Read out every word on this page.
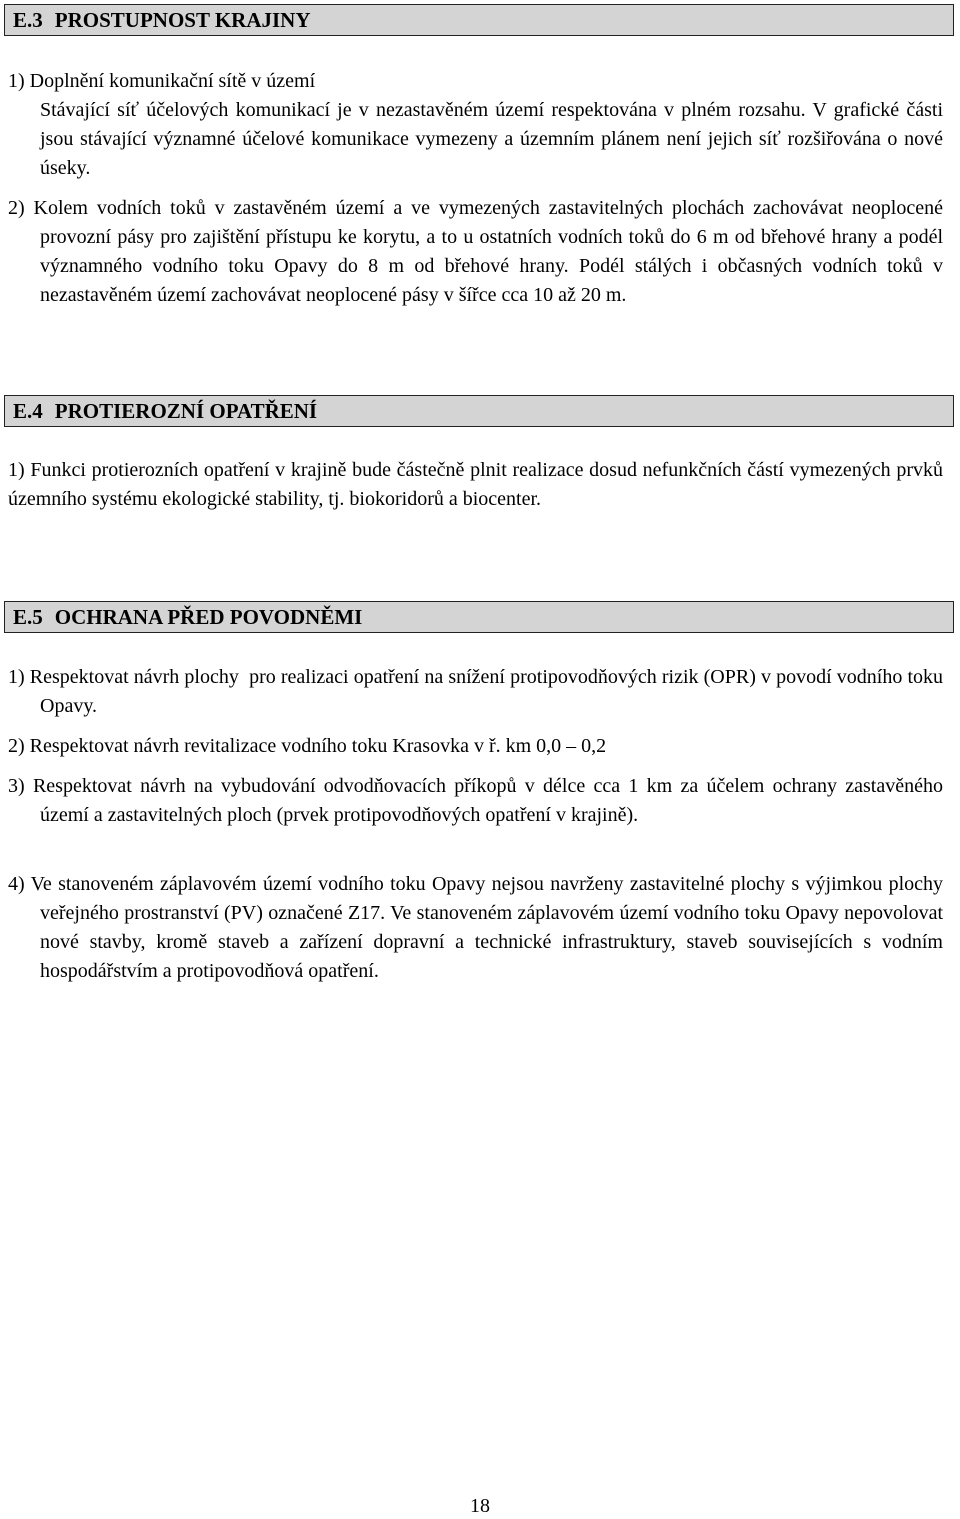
E.3 PROSTUPNOST KRAJINY
1) Doplnění komunikační sítě v území
Stávající síť účelových komunikací je v nezastavěném území respektována v plném rozsahu. V grafické části jsou stávající významné účelové komunikace vymezeny a územním plánem není jejich síť rozšiřována o nové úseky.
2) Kolem vodních toků v zastavěném území a ve vymezených zastavitelných plochách zachovávat neoplocené provozní pásy pro zajištění přístupu ke korytu, a to u ostatních vodních toků do 6 m od břehové hrany a podél významného vodního toku Opavy do 8 m od břehové hrany. Podél stálých i občasných vodních toků v nezastavěném území zachovávat neoplocené pásy v šířce cca 10 až 20 m.
E.4 PROTIEROZNÍ OPATŘENÍ
1) Funkci protierozních opatření v krajině bude částečně plnit realizace dosud nefunkčních částí vymezených prvků územního systému ekologické stability, tj. biokoridorů a biocenter.
E.5 OCHRANA PŘED POVODNĚMI
1) Respektovat návrh plochy  pro realizaci opatření na snížení protipovodňových rizik (OPR) v povodí vodního toku Opavy.
2) Respektovat návrh revitalizace vodního toku Krasovka v ř. km 0,0 – 0,2
3) Respektovat návrh na vybudování odvodňovacích příkopů v délce cca 1 km za účelem ochrany zastavěného území a zastavitelných ploch (prvek protipovodňových opatření v krajině).
4) Ve stanoveném záplavovém území vodního toku Opavy nejsou navrženy zastavitelné plochy s výjimkou plochy veřejného prostranství (PV) označené Z17. Ve stanoveném záplavovém území vodního toku Opavy nepovolovat nové stavby, kromě staveb a zařízení dopravní a technické infrastruktury, staveb souvisejících s vodním hospodářstvím a protipovodňová opatření.
18
